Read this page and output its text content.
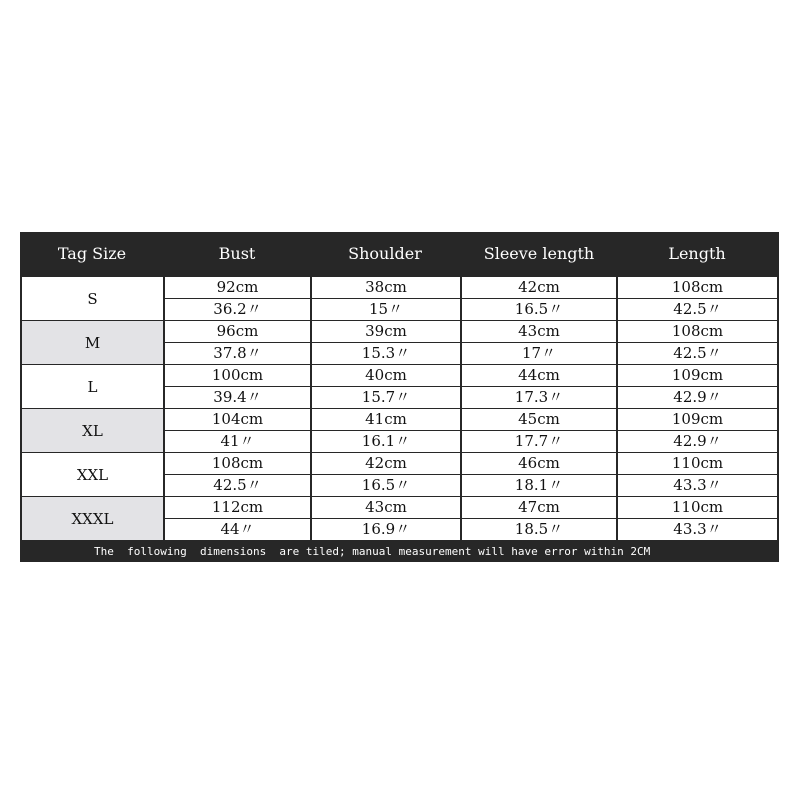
Tag Size	Bust	Shoulder	Sleeve length	Length
S
92cm	38cm	42cm	108cm
36.2〃	15〃	16.5〃	42.5〃
M
96cm	39cm	43cm	108cm
37.8〃	15.3〃	17〃	42.5〃
L
100cm	40cm	44cm	109cm
39.4〃	15.7〃	17.3〃	42.9〃
XL
104cm	41cm	45cm	109cm
41〃	16.1〃	17.7〃	42.9〃
XXL
108cm	42cm	46cm	110cm
42.5〃	16.5〃	18.1〃	43.3〃
XXXL
112cm	43cm	47cm	110cm
44〃	16.9〃	18.5〃	43.3〃
The  following  dimensions  are tiled; manual measurement will have error within 2CM
